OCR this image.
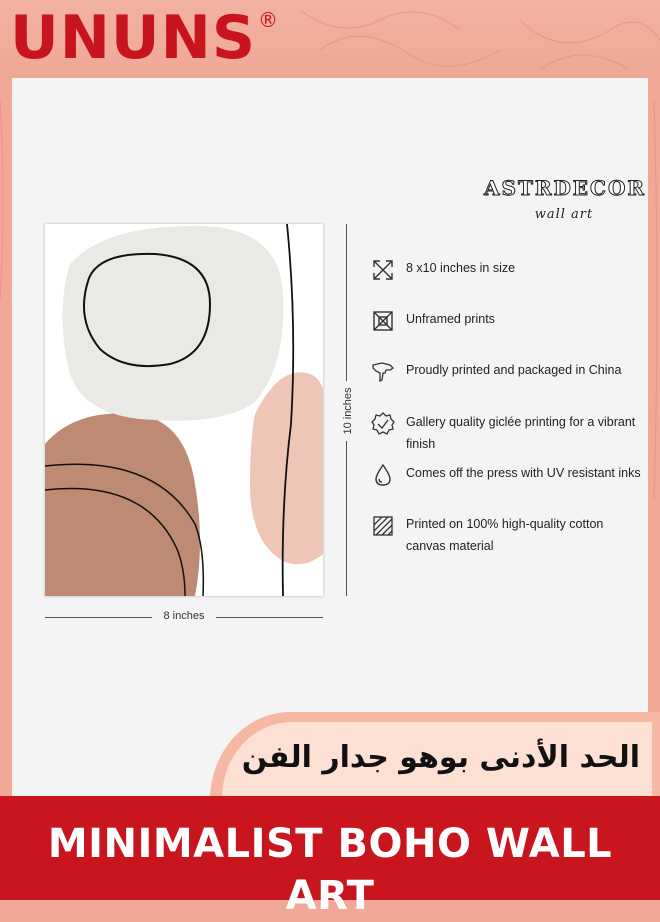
UNUNS ®
10 inches
8 inches
ASTRDECOR
wall art
8 x10 inches in size
Unframed prints
Proudly printed and packaged in China
Gallery quality giclée printing for a vibrant finish
Comes off the press with UV resistant inks
Printed on 100% high-quality cotton canvas material
الحد الأدنى بوهو جدار الفن
MINIMALIST BOHO WALL ART
